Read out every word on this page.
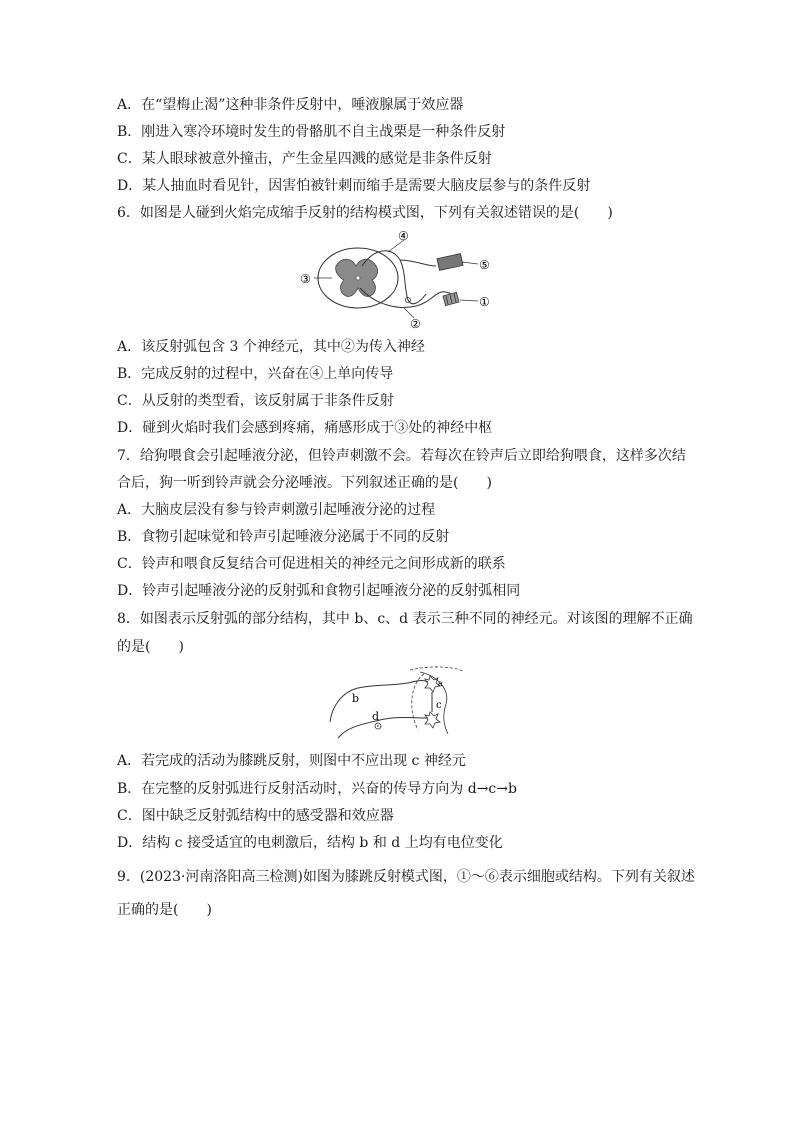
A．在“望梅止渴”这种非条件反射中，唾液腺属于效应器
B．刚进入寒冷环境时发生的骨骼肌不自主战栗是一种条件反射
C．某人眼球被意外撞击，产生金星四溅的感觉是非条件反射
D．某人抽血时看见针，因害怕被针刺而缩手是需要大脑皮层参与的条件反射
6．如图是人碰到火焰完成缩手反射的结构模式图，下列有关叙述错误的是(　　)
④
③
⑤
①
②
A．该反射弧包含 3 个神经元，其中②为传入神经
B．完成反射的过程中，兴奋在④上单向传导
C．从反射的类型看，该反射属于非条件反射
D．碰到火焰时我们会感到疼痛，痛感形成于③处的神经中枢
7．给狗喂食会引起唾液分泌，但铃声刺激不会。若每次在铃声后立即给狗喂食，这样多次结
合后，狗一听到铃声就会分泌唾液。下列叙述正确的是(　　)
A．大脑皮层没有参与铃声刺激引起唾液分泌的过程
B．食物引起味觉和铃声引起唾液分泌属于不同的反射
C．铃声和喂食反复结合可促进相关的神经元之间形成新的联系
D．铃声引起唾液分泌的反射弧和食物引起唾液分泌的反射弧相同
8．如图表示反射弧的部分结构，其中 b、c、d 表示三种不同的神经元。对该图的理解不正确
的是(　　)
b
d
c
a
A．若完成的活动为膝跳反射，则图中不应出现 c 神经元
B．在完整的反射弧进行反射活动时，兴奋的传导方向为 d→c→b
C．图中缺乏反射弧结构中的感受器和效应器
D．结构 c 接受适宜的电刺激后，结构 b 和 d 上均有电位变化
9．(2023·河南洛阳高三检测)如图为膝跳反射模式图，①～⑥表示细胞或结构。下列有关叙述
正确的是(　　)
